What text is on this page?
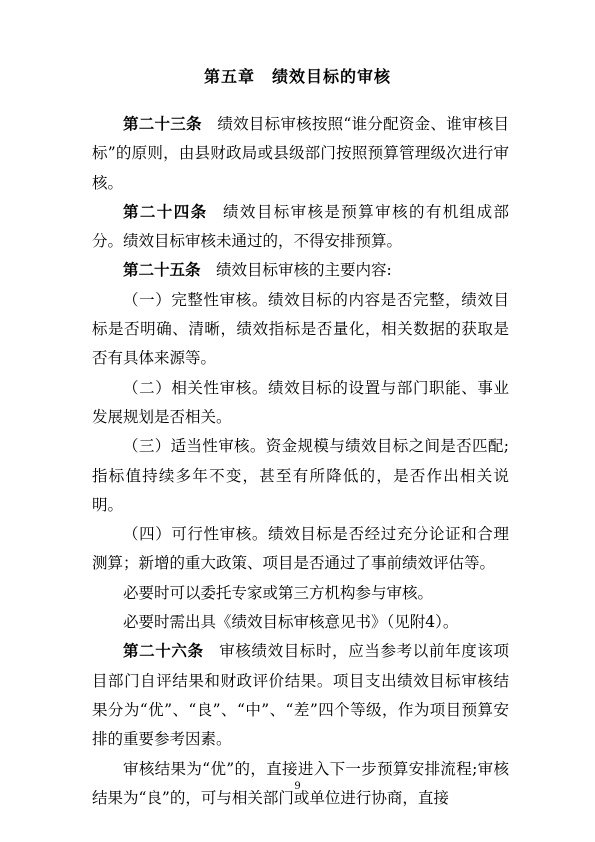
第五章　绩效目标的审核

第二十三条 绩效目标审核按照“谁分配资金、谁审核目标”的原则，由县财政局或县级部门按照预算管理级次进行审核。

第二十四条 绩效目标审核是预算审核的有机组成部分。绩效目标审核未通过的，不得安排预算。

第二十五条 绩效目标审核的主要内容:

（一）完整性审核。绩效目标的内容是否完整，绩效目标是否明确、清晰，绩效指标是否量化，相关数据的获取是否有具体来源等。

（二）相关性审核。绩效目标的设置与部门职能、事业发展规划是否相关。

（三）适当性审核。资金规模与绩效目标之间是否匹配;指标值持续多年不变，甚至有所降低的，是否作出相关说明。

（四）可行性审核。绩效目标是否经过充分论证和合理测算；新增的重大政策、项目是否通过了事前绩效评估等。

必要时可以委托专家或第三方机构参与审核。

必要时需出具《绩效目标审核意见书》（见附4）。

第二十六条 审核绩效目标时，应当参考以前年度该项目部门自评结果和财政评价结果。项目支出绩效目标审核结果分为“优”、“良”、“中”、“差”四个等级，作为项目预算安排的重要参考因素。

审核结果为“优”的，直接进入下一步预算安排流程;审核结果为“良”的，可与相关部门或单位进行协商，直接

9
